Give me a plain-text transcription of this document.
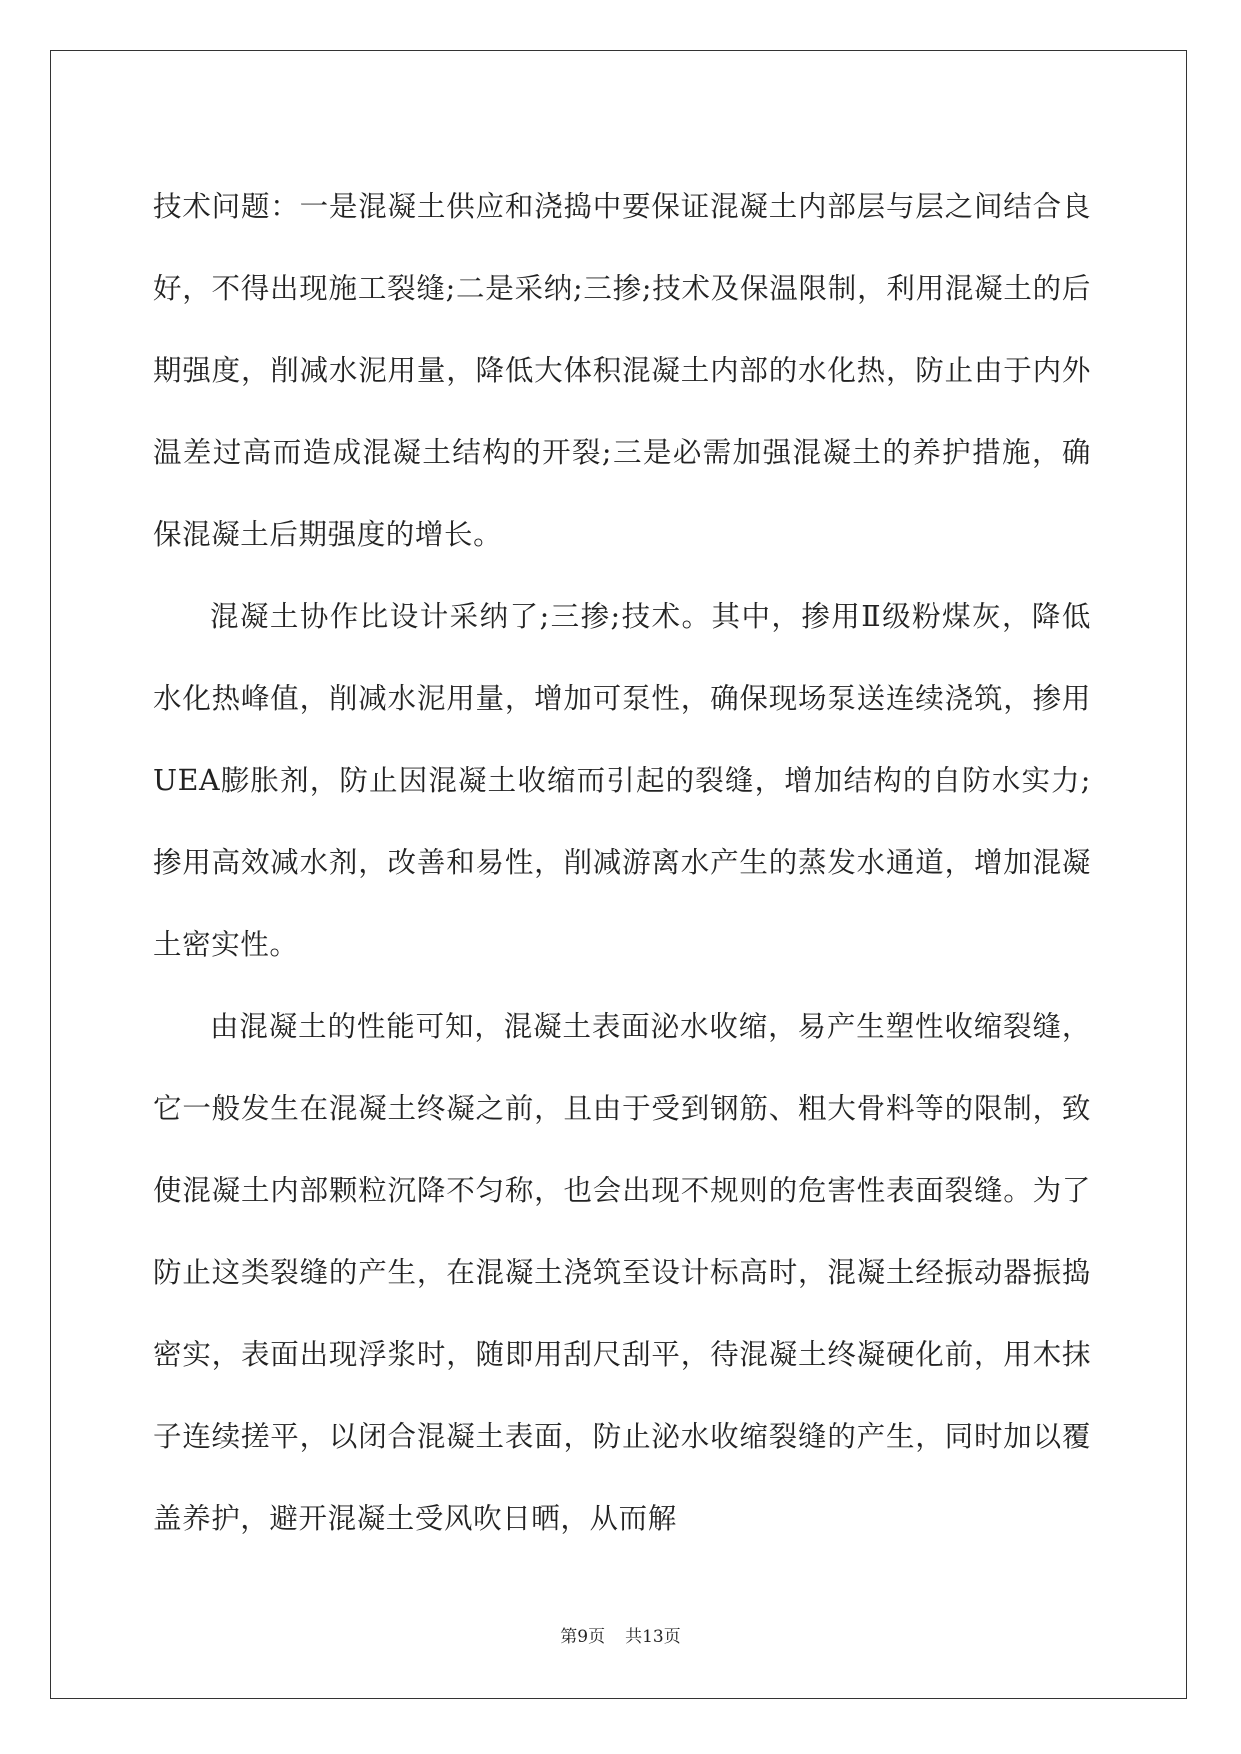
技术问题：一是混凝土供应和浇捣中要保证混凝土内部层与层之间结合良好，不得出现施工裂缝;二是采纳;三掺;技术及保温限制，利用混凝土的后期强度，削减水泥用量，降低大体积混凝土内部的水化热，防止由于内外温差过高而造成混凝土结构的开裂;三是必需加强混凝土的养护措施，确保混凝土后期强度的增长。

混凝土协作比设计采纳了;三掺;技术。其中，掺用Ⅱ级粉煤灰，降低水化热峰值，削减水泥用量，增加可泵性，确保现场泵送连续浇筑，掺用UEA膨胀剂，防止因混凝土收缩而引起的裂缝，增加结构的自防水实力;掺用高效减水剂，改善和易性，削减游离水产生的蒸发水通道，增加混凝土密实性。

由混凝土的性能可知，混凝土表面泌水收缩，易产生塑性收缩裂缝，它一般发生在混凝土终凝之前，且由于受到钢筋、粗大骨料等的限制，致使混凝土内部颗粒沉降不匀称，也会出现不规则的危害性表面裂缝。为了防止这类裂缝的产生，在混凝土浇筑至设计标高时，混凝土经振动器振捣密实，表面出现浮浆时，随即用刮尺刮平，待混凝土终凝硬化前，用木抹子连续搓平，以闭合混凝土表面，防止泌水收缩裂缝的产生，同时加以覆盖养护，避开混凝土受风吹日晒，从而解

第9页 共13页
